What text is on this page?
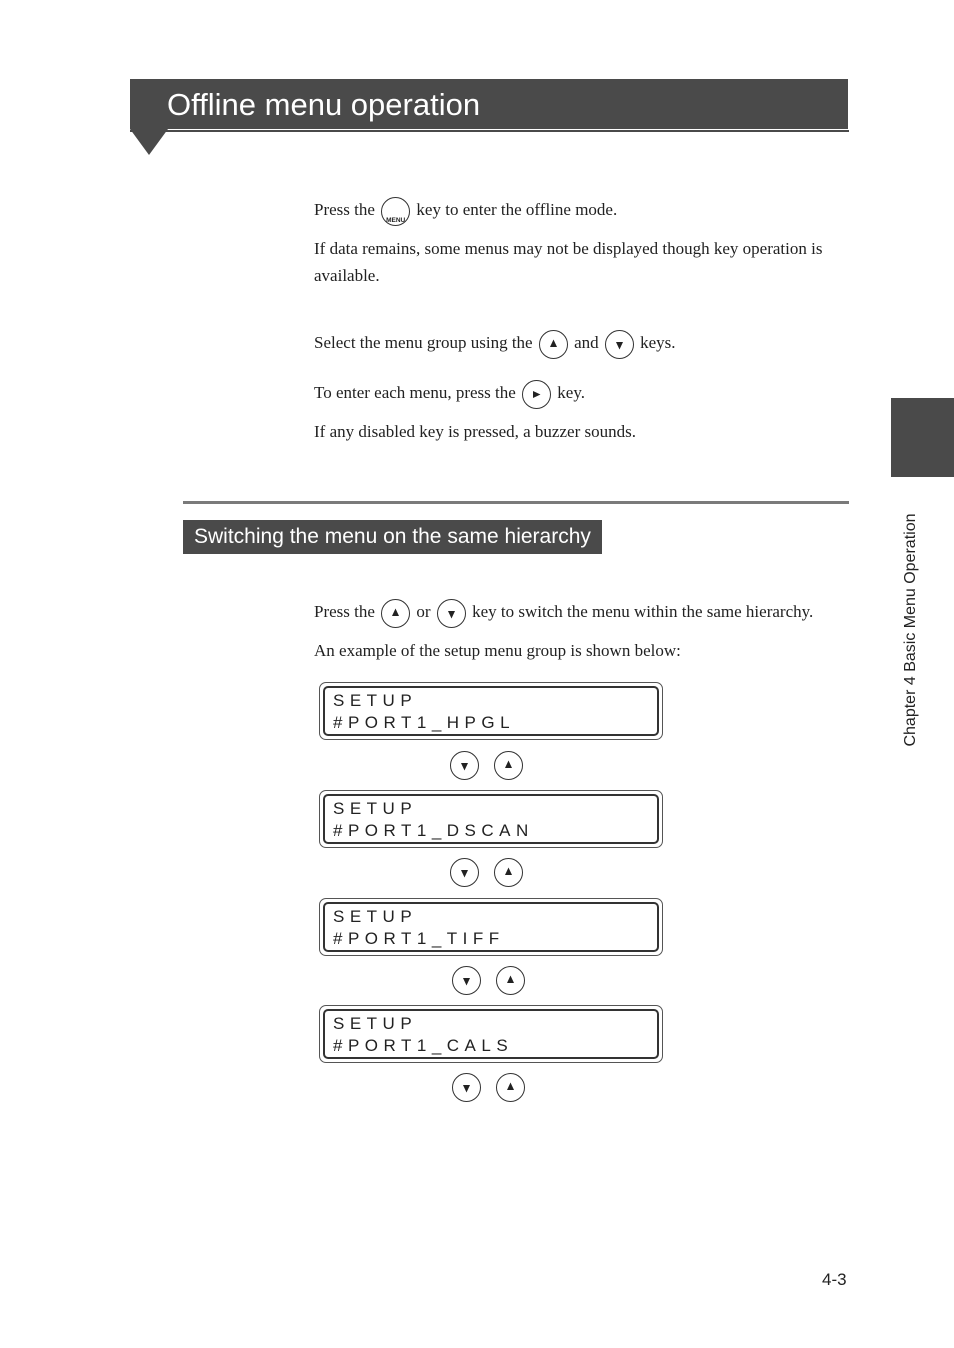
Offline menu operation
Press the
MENU
key to enter the offline mode.
If data remains, some menus may not be displayed though key operation is available.
Select the menu group using the
and
keys.
To enter each menu, press the
key.
If any disabled key is pressed, a buzzer sounds.
Switching the menu on the same hierarchy
Press the
or
key to switch the menu within the same hierarchy.
An example of the setup menu group is shown below:
SETUP
#PORT1_HPGL
SETUP
#PORT1_DSCAN
SETUP
#PORT1_TIFF
SETUP
#PORT1_CALS
Chapter 4 Basic Menu Operation
4-3
